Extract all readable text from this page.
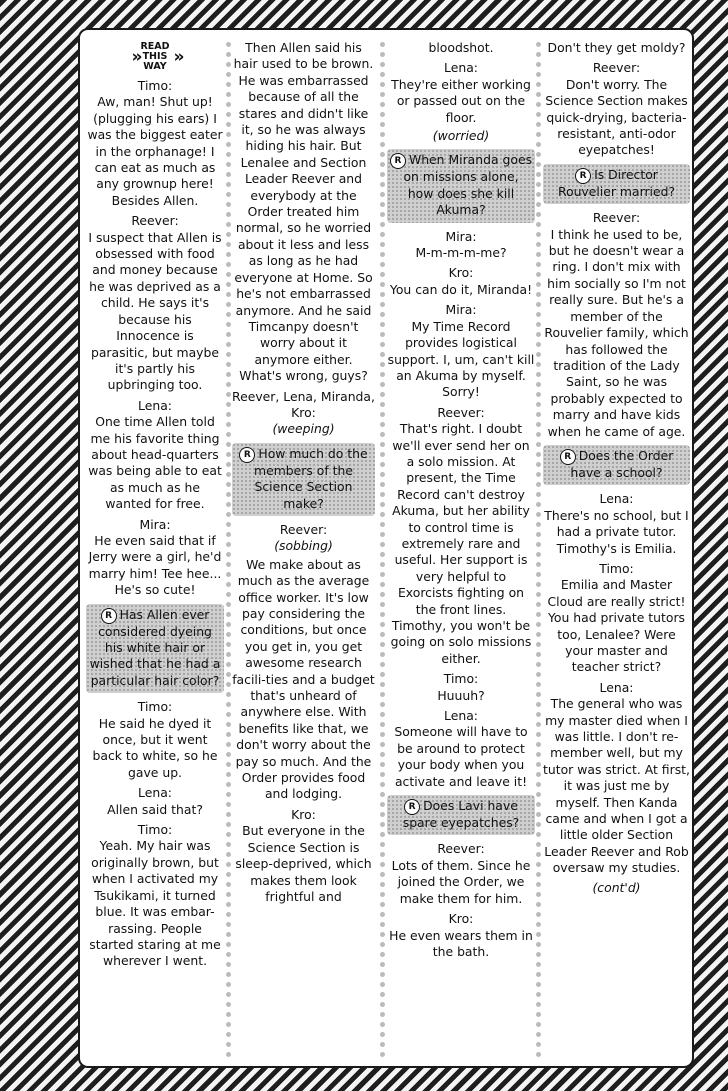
»
READ
THIS
WAY »
Timo:
Aw, man! Shut up! (plugging his ears) I was the biggest eater in the orphanage! I can eat as much as any grownup here! Besides Allen.
Reever:
I suspect that Allen is obsessed with food and money because he was deprived as a child. He says it's because his Innocence is parasitic, but maybe it's partly his upbringing too.
Lena:
One time Allen told me his favorite thing about head-quarters was being able to eat as much as he wanted for free.
Mira:
He even said that if Jerry were a girl, he'd marry him! Tee hee... He's so cute!
R Has Allen ever considered dyeing his white hair or wished that he had a particular hair color?
Timo:
He said he dyed it once, but it went back to white, so he gave up.
Lena:
Allen said that?
Timo:
Yeah. My hair was originally brown, but when I activated my Tsukikami, it turned blue. It was embar-rassing. People started staring at me wherever I went.
Then Allen said his hair used to be brown. He was embarrassed because of all the stares and didn't like it, so he was always hiding his hair. But Lenalee and Section Leader Reever and everybody at the Order treated him normal, so he worried about it less and less as long as he had everyone at Home. So he's not embarrassed anymore. And he said Timcanpy doesn't worry about it anymore either. What's wrong, guys?
Reever, Lena, Miranda, Kro:
(weeping)
R How much do the members of the Science Section make?
Reever:
(sobbing)
We make about as much as the average office worker. It's low pay considering the conditions, but once you get in, you get awesome research facili-ties and a budget that's unheard of anywhere else. With benefits like that, we don't worry about the pay so much. And the Order provides food and lodging.
Kro:
But everyone in the Science Section is sleep-deprived, which makes them look frightful and
bloodshot.
Lena:
They're either working or passed out on the floor.
(worried)
R When Miranda goes on missions alone, how does she kill Akuma?
Mira:
M-m-m-m-me?
Kro:
You can do it, Miranda!
Mira:
My Time Record provides logistical support. I, um, can't kill an Akuma by myself. Sorry!
Reever:
That's right. I doubt we'll ever send her on a solo mission. At present, the Time Record can't destroy Akuma, but her ability to control time is extremely rare and useful. Her support is very helpful to Exorcists fighting on the front lines. Timothy, you won't be going on solo missions either.
Timo:
Huuuh?
Lena:
Someone will have to be around to protect your body when you activate and leave it!
R Does Lavi have spare eyepatches?
Reever:
Lots of them. Since he joined the Order, we make them for him.
Kro:
He even wears them in the bath.
Don't they get moldy?
Reever:
Don't worry. The Science Section makes quick-drying, bacteria-resistant, anti-odor eyepatches!
R Is Director Rouvelier married?
Reever:
I think he used to be, but he doesn't wear a ring. I don't mix with him socially so I'm not really sure. But he's a member of the Rouvelier family, which has followed the tradition of the Lady Saint, so he was probably expected to marry and have kids when he came of age.
R Does the Order have a school?
Lena:
There's no school, but I had a private tutor. Timothy's is Emilia.
Timo:
Emilia and Master Cloud are really strict! You had private tutors too, Lenalee? Were your master and teacher strict?
Lena:
The general who was my master died when I was little. I don't re-member well, but my tutor was strict. At first, it was just me by myself. Then Kanda came and when I got a little older Section Leader Reever and Rob oversaw my studies.
(cont'd)
